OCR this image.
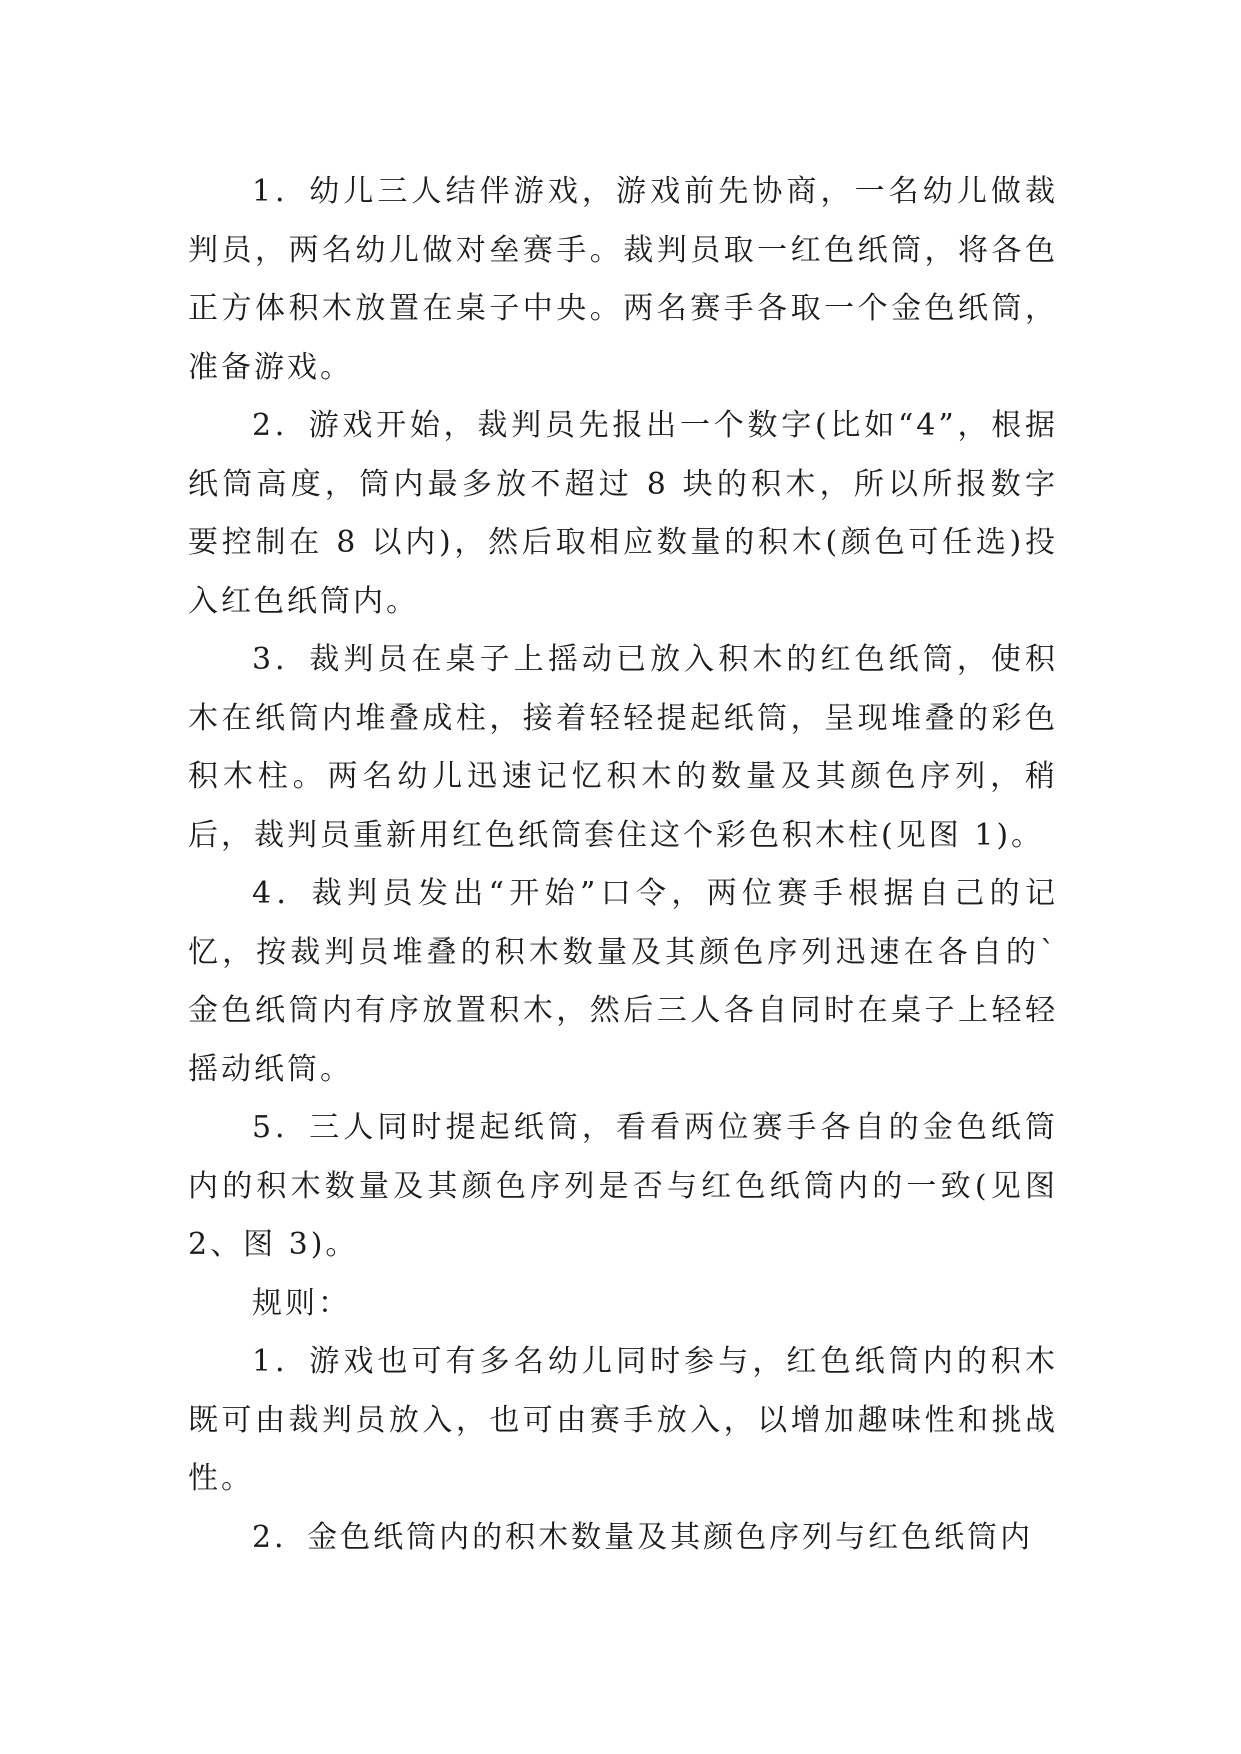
1．幼儿三人结伴游戏，游戏前先协商，一名幼儿做裁判员，两名幼儿做对垒赛手。裁判员取一红色纸筒，将各色正方体积木放置在桌子中央。两名赛手各取一个金色纸筒，准备游戏。

2．游戏开始，裁判员先报出一个数字(比如“4”，根据纸筒高度，筒内最多放不超过 8 块的积木，所以所报数字要控制在 8 以内)，然后取相应数量的积木(颜色可任选)投入红色纸筒内。

3．裁判员在桌子上摇动已放入积木的红色纸筒，使积木在纸筒内堆叠成柱，接着轻轻提起纸筒，呈现堆叠的彩色积木柱。两名幼儿迅速记忆积木的数量及其颜色序列，稍后，裁判员重新用红色纸筒套住这个彩色积木柱(见图 1)。

4．裁判员发出“开始”口令，两位赛手根据自己的记忆，按裁判员堆叠的积木数量及其颜色序列迅速在各自的`金色纸筒内有序放置积木，然后三人各自同时在桌子上轻轻摇动纸筒。

5．三人同时提起纸筒，看看两位赛手各自的金色纸筒内的积木数量及其颜色序列是否与红色纸筒内的一致(见图 2、图 3)。

规则：

1．游戏也可有多名幼儿同时参与，红色纸筒内的积木既可由裁判员放入，也可由赛手放入，以增加趣味性和挑战性。

2．金色纸筒内的积木数量及其颜色序列与红色纸筒内
